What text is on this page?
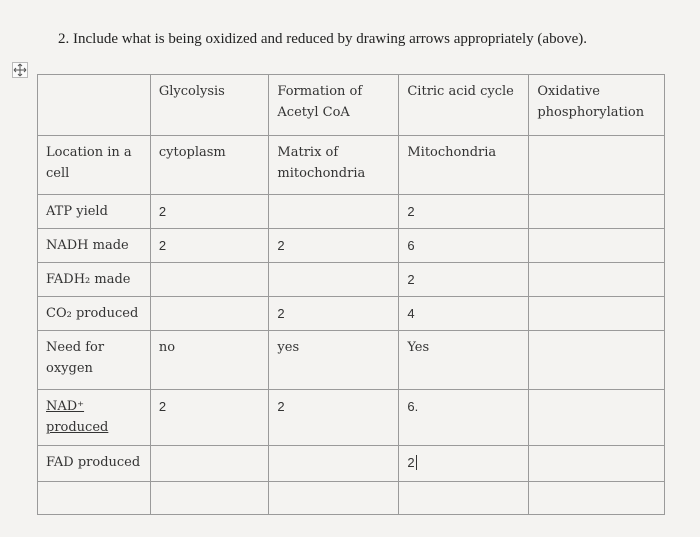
2. Include what is being oxidized and reduced by drawing arrows appropriately (above).
	Glycolysis	Formation of Acetyl CoA	Citric acid cycle	Oxidative phosphorylation
Location in a cell	cytoplasm	Matrix of mitochondria	Mitochondria	
ATP yield	2		2	
NADH made	2	2	6	
FADH₂ made			2	
CO₂ produced		2	4	
Need for oxygen	no	yes	Yes	
NAD⁺ produced	2	2	6.	
FAD produced			2	
